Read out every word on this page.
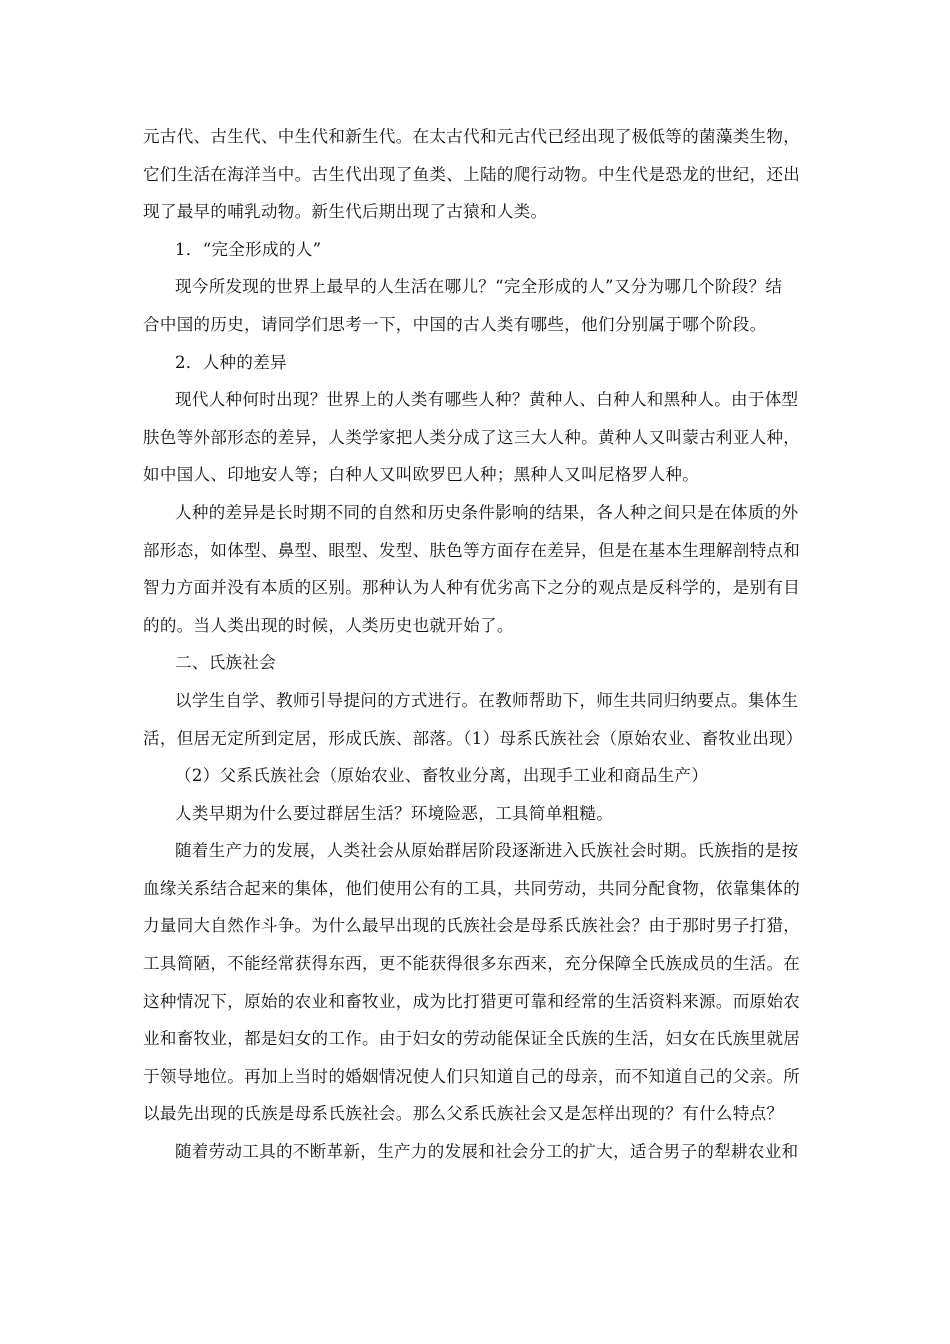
元古代、古生代、中生代和新生代。在太古代和元古代已经出现了极低等的菌藻类生物，
它们生活在海洋当中。古生代出现了鱼类、上陆的爬行动物。中生代是恐龙的世纪，还出
现了最早的哺乳动物。新生代后期出现了古猿和人类。
1．“完全形成的人”
现今所发现的世界上最早的人生活在哪儿？“完全形成的人”又分为哪几个阶段？结
合中国的历史，请同学们思考一下，中国的古人类有哪些，他们分别属于哪个阶段。
2．人种的差异
现代人种何时出现？世界上的人类有哪些人种？黄种人、白种人和黑种人。由于体型
肤色等外部形态的差异，人类学家把人类分成了这三大人种。黄种人又叫蒙古利亚人种，
如中国人、印地安人等；白种人又叫欧罗巴人种；黑种人又叫尼格罗人种。
人种的差异是长时期不同的自然和历史条件影响的结果，各人种之间只是在体质的外
部形态，如体型、鼻型、眼型、发型、肤色等方面存在差异，但是在基本生理解剖特点和
智力方面并没有本质的区别。那种认为人种有优劣高下之分的观点是反科学的，是别有目
的的。当人类出现的时候，人类历史也就开始了。
二、氏族社会
以学生自学、教师引导提问的方式进行。在教师帮助下，师生共同归纳要点。集体生
活，但居无定所到定居，形成氏族、部落。（1）母系氏族社会（原始农业、畜牧业出现）
（2）父系氏族社会（原始农业、畜牧业分离，出现手工业和商品生产）
人类早期为什么要过群居生活？环境险恶，工具简单粗糙。
随着生产力的发展，人类社会从原始群居阶段逐渐进入氏族社会时期。氏族指的是按
血缘关系结合起来的集体，他们使用公有的工具，共同劳动，共同分配食物，依靠集体的
力量同大自然作斗争。为什么最早出现的氏族社会是母系氏族社会？由于那时男子打猎，
工具简陋，不能经常获得东西，更不能获得很多东西来，充分保障全氏族成员的生活。在
这种情况下，原始的农业和畜牧业，成为比打猎更可靠和经常的生活资料来源。而原始农
业和畜牧业，都是妇女的工作。由于妇女的劳动能保证全氏族的生活，妇女在氏族里就居
于领导地位。再加上当时的婚姻情况使人们只知道自己的母亲，而不知道自己的父亲。所
以最先出现的氏族是母系氏族社会。那么父系氏族社会又是怎样出现的？有什么特点？
随着劳动工具的不断革新，生产力的发展和社会分工的扩大，适合男子的犁耕农业和
